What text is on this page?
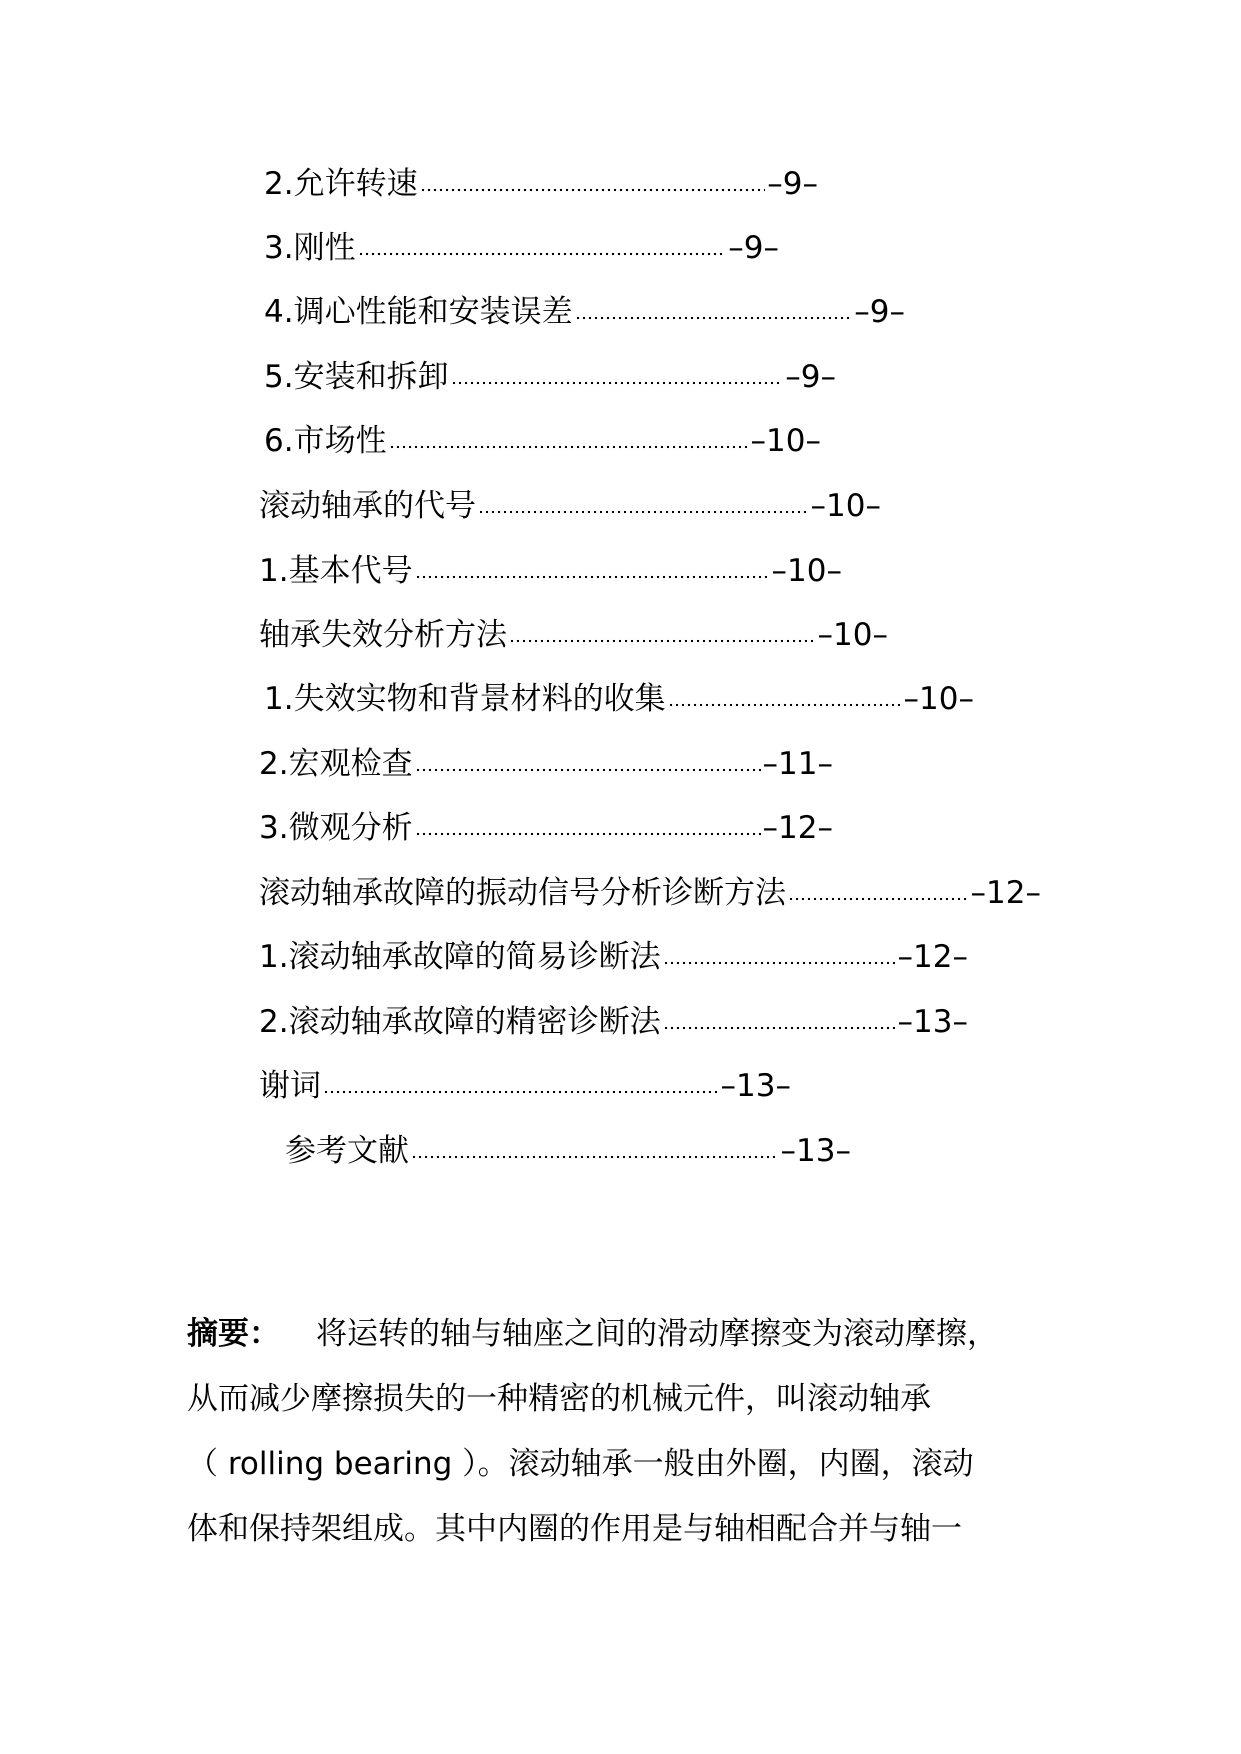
2.允许转速	–9–
3.刚性	–9–
4.调心性能和安装误差	–9–
5.安装和拆卸	–9–
6.市场性	–10–
滚动轴承的代号	–10–
1.基本代号	–10–
轴承失效分析方法	–10–
1.失效实物和背景材料的收集	–10–
2.宏观检查	–11–
3.微观分析	–12–
滚动轴承故障的振动信号分析诊断方法	–12–
1.滚动轴承故障的简易诊断法	–12–
2.滚动轴承故障的精密诊断法	–13–
谢词	–13–
参考文献	–13–
摘要： 将运转的轴与轴座之间的滑动摩擦变为滚动摩擦，
从而减少摩擦损失的一种精密的机械元件，叫滚动轴承
（ rolling bearing ）。滚动轴承一般由外圈，内圈，滚动
体和保持架组成。其中内圈的作用是与轴相配合并与轴一
